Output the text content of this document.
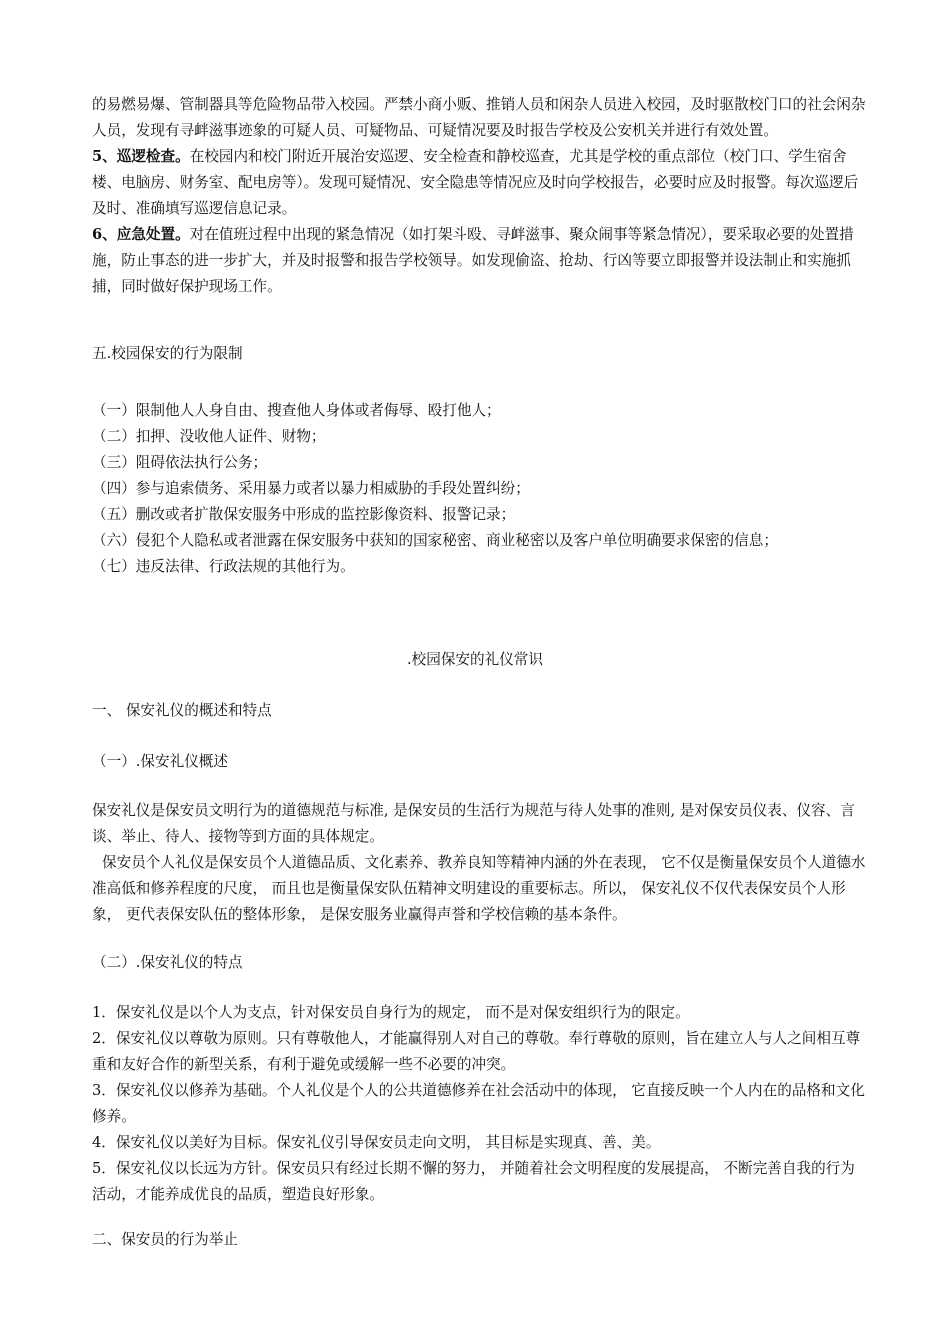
的易燃易爆、管制器具等危险物品带入校园。严禁小商小贩、推销人员和闲杂人员进入校园，及时驱散校门口的社会闲杂人员，发现有寻衅滋事迹象的可疑人员、可疑物品、可疑情况要及时报告学校及公安机关并进行有效处置。

5、巡逻检查。在校园内和校门附近开展治安巡逻、安全检查和静校巡查，尤其是学校的重点部位（校门口、学生宿舍楼、电脑房、财务室、配电房等）。发现可疑情况、安全隐患等情况应及时向学校报告，必要时应及时报警。每次巡逻后及时、准确填写巡逻信息记录。

6、应急处置。对在值班过程中出现的紧急情况（如打架斗殴、寻衅滋事、聚众闹事等紧急情况），要采取必要的处置措施，防止事态的进一步扩大，并及时报警和报告学校领导。如发现偷盗、抢劫、行凶等要立即报警并设法制止和实施抓捕，同时做好保护现场工作。

五.校园保安的行为限制

（一）限制他人人身自由、搜查他人身体或者侮辱、殴打他人；

（二）扣押、没收他人证件、财物；

（三）阻碍依法执行公务；

（四）参与追索债务、采用暴力或者以暴力相威胁的手段处置纠纷；

（五）删改或者扩散保安服务中形成的监控影像资料、报警记录；

（六）侵犯个人隐私或者泄露在保安服务中获知的国家秘密、商业秘密以及客户单位明确要求保密的信息；

（七）违反法律、行政法规的其他行为。

.校园保安的礼仪常识
一、 保安礼仪的概述和特点
（一）.保安礼仪概述

保安礼仪是保安员文明行为的道德规范与标准, 是保安员的生活行为规范与待人处事的准则, 是对保安员仪表、仪容、言谈、举止、待人、接物等到方面的具体规定。

保安员个人礼仪是保安员个人道德品质、文化素养、教养良知等精神内涵的外在表现， 它不仅是衡量保安员个人道德水准高低和修养程度的尺度， 而且也是衡量保安队伍精神文明建设的重要标志。所以， 保安礼仪不仅代表保安员个人形象， 更代表保安队伍的整体形象， 是保安服务业赢得声誉和学校信赖的基本条件。

（二）.保安礼仪的特点

1．保安礼仪是以个人为支点，针对保安员自身行为的规定， 而不是对保安组织行为的限定。

2．保安礼仪以尊敬为原则。只有尊敬他人，才能赢得别人对自己的尊敬。奉行尊敬的原则，旨在建立人与人之间相互尊重和友好合作的新型关系，有利于避免或缓解一些不必要的冲突。

3．保安礼仪以修养为基础。个人礼仪是个人的公共道德修养在社会活动中的体现， 它直接反映一个人内在的品格和文化修养。

4．保安礼仪以美好为目标。保安礼仪引导保安员走向文明， 其目标是实现真、善、美。

5．保安礼仪以长远为方针。保安员只有经过长期不懈的努力， 并随着社会文明程度的发展提高， 不断完善自我的行为活动，才能养成优良的品质，塑造良好形象。

二、保安员的行为举止
